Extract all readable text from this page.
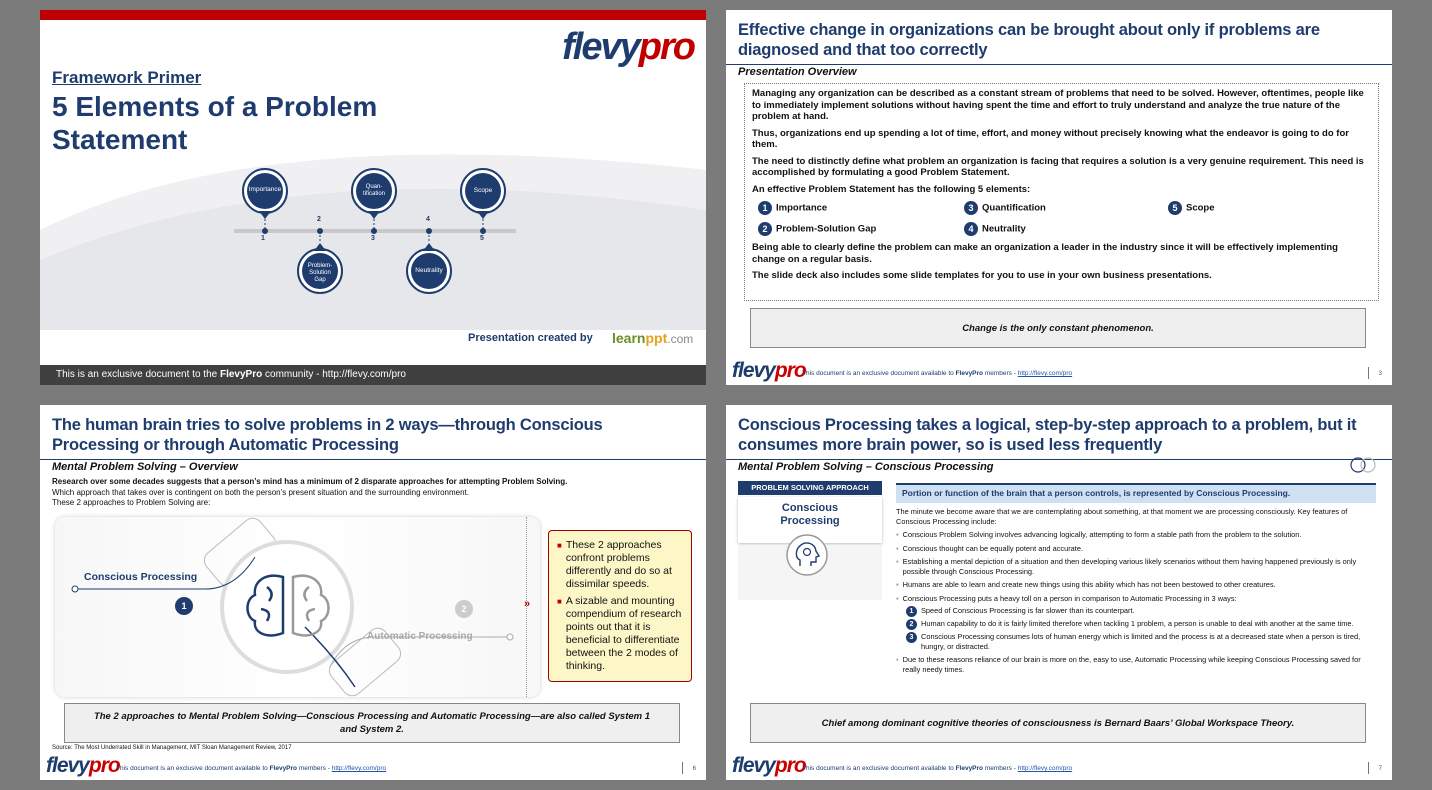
flevypro
Framework Primer
5 Elements of a Problem
Statement
Importance
Problem-
Solution
Gap
Quan-
tification
Neutrality
Scope
1
2
3
4
5
Presentation created by learnppt.com
This is an exclusive document to the FlevyPro community - http://flevy.com/pro
Effective change in organizations can be brought about only if problems are diagnosed and that too correctly
Presentation Overview

Managing any organization can be described as a constant stream of problems that need to be solved. However, oftentimes, people like to immediately implement solutions without having spent the time and effort to truly understand and analyze the true nature of the problem at hand.

Thus, organizations end up spending a lot of time, effort, and money without precisely knowing what the endeavor is going to do for them.

The need to distinctly define what problem an organization is facing that requires a solution is a very genuine requirement. This need is accomplished by formulating a good Problem Statement.

An effective Problem Statement has the following 5 elements:

1 Importance	3 Quantification	5 Scope
2 Problem-Solution Gap	4 Neutrality

Being able to clearly define the problem can make an organization a leader in the industry since it will be effectively implementing change on a regular basis.

The slide deck also includes some slide templates for you to use in your own business presentations.

Change is the only constant phenomenon.
flevypro
This document is an exclusive document available to FlevyPro members - http://flevy.com/pro	3
The human brain tries to solve problems in 2 ways—through Conscious Processing or through Automatic Processing
Mental Problem Solving – Overview
Research over some decades suggests that a person’s mind has a minimum of 2 disparate approaches for attempting Problem Solving.
Which approach that takes over is contingent on both the person’s present situation and the surrounding environment.
These 2 approaches to Problem Solving are:
Conscious Processing
1	2
Automatic Processing
»
■ These 2 approaches confront problems differently and do so at dissimilar speeds.
■ A sizable and mounting compendium of research points out that it is beneficial to differentiate between the 2 modes of thinking.
The 2 approaches to Mental Problem Solving—Conscious Processing and Automatic Processing—are also called System 1 and System 2.
Source: The Most Underrated Skill in Management, MIT Sloan Management Review, 2017
flevypro
This document is an exclusive document available to FlevyPro members - http://flevy.com/pro	6
Conscious Processing takes a logical, step-by-step approach to a problem, but it consumes more brain power, so is used less frequently
Mental Problem Solving – Conscious Processing
PROBLEM SOLVING APPROACH
Conscious
Processing
Portion or function of the brain that a person controls, is represented by Conscious Processing.
The minute we become aware that we are contemplating about something, at that moment we are processing consciously. Key features of Conscious Processing include:
▪ Conscious Problem Solving involves advancing logically, attempting to form a stable path from the problem to the solution.
▪ Conscious thought can be equally potent and accurate.
▪ Establishing a mental depiction of a situation and then developing various likely scenarios without them having happened previously is only possible through Conscious Processing.
▪ Humans are able to learn and create new things using this ability which has not been bestowed to other creatures.
▪ Conscious Processing puts a heavy toll on a person in comparison to Automatic Processing in 3 ways:
1	Speed of Conscious Processing is far slower than its counterpart.
2	Human capability to do it is fairly limited therefore when tackling 1 problem, a person is unable to deal with another at the same time.
3	Conscious Processing consumes lots of human energy which is limited and the process is at a decreased state when a person is tired, hungry, or distracted.
▪ Due to these reasons reliance of our brain is more on the, easy to use, Automatic Processing while keeping Conscious Processing saved for really needy times.
Chief among dominant cognitive theories of consciousness is Bernard Baars’ Global Workspace Theory.
flevypro
This document is an exclusive document available to FlevyPro members - http://flevy.com/pro	7
